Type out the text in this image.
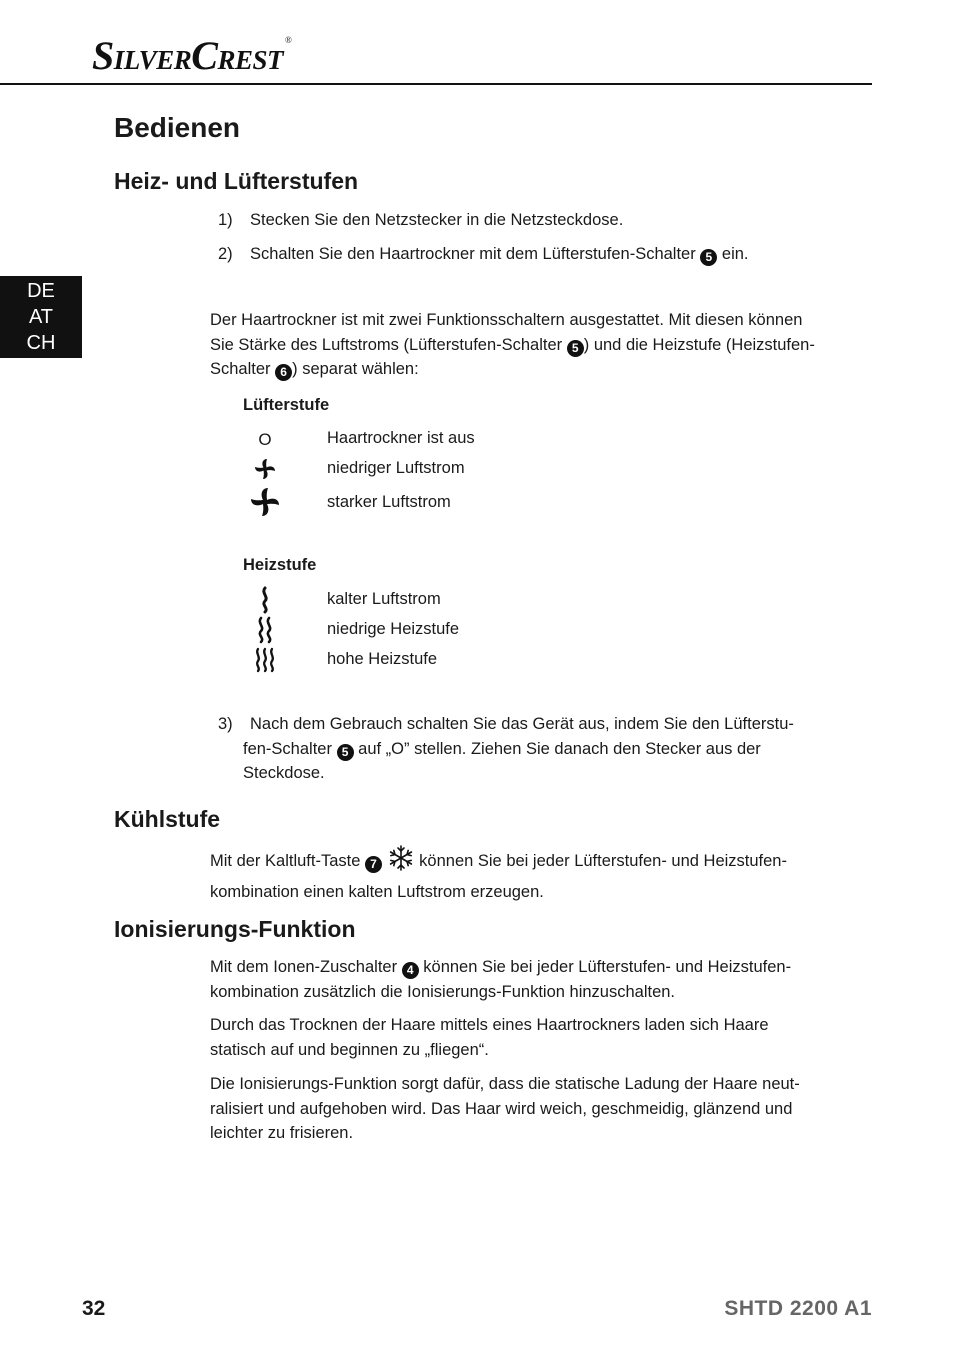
SILVERCREST®
DE
AT
CH
Bedienen
Heiz- und Lüfterstufen
1) Stecken Sie den Netzstecker in die Netzsteckdose.
2) Schalten Sie den Haartrockner mit dem Lüfterstufen-Schalter 5 ein.
Der Haartrockner ist mit zwei Funktionsschaltern ausgestattet. Mit diesen können
Sie Stärke des Luftstroms (Lüfterstufen-Schalter 5 ) und die Heizstufe (Heizstufen-
Schalter 6 ) separat wählen:
Lüfterstufe
O	Haartrockner ist aus
niedriger Luftstrom
starker Luftstrom
Heizstufe
kalter Luftstrom
niedrige Heizstufe
hohe Heizstufe
3) Nach dem Gebrauch schalten Sie das Gerät aus, indem Sie den Lüfterstu-
fen-Schalter 5 auf „O” stellen. Ziehen Sie danach den Stecker aus der
Steckdose.
Kühlstufe
Mit der Kaltluft-Taste 7	können Sie bei jeder Lüfterstufen- und Heizstufen-
kombination einen kalten Luftstrom erzeugen.
Ionisierungs-Funktion
Mit dem Ionen-Zuschalter 4 können Sie bei jeder Lüfterstufen- und Heizstufen-
kombination zusätzlich die Ionisierungs-Funktion hinzuschalten.
Durch das Trocknen der Haare mittels eines Haartrockners laden sich Haare
statisch auf und beginnen zu „fliegen“.
Die Ionisierungs-Funktion sorgt dafür, dass die statische Ladung der Haare neut-
ralisiert und aufgehoben wird. Das Haar wird weich, geschmeidig, glänzend und
leichter zu frisieren.
32	SHTD 2200 A1
